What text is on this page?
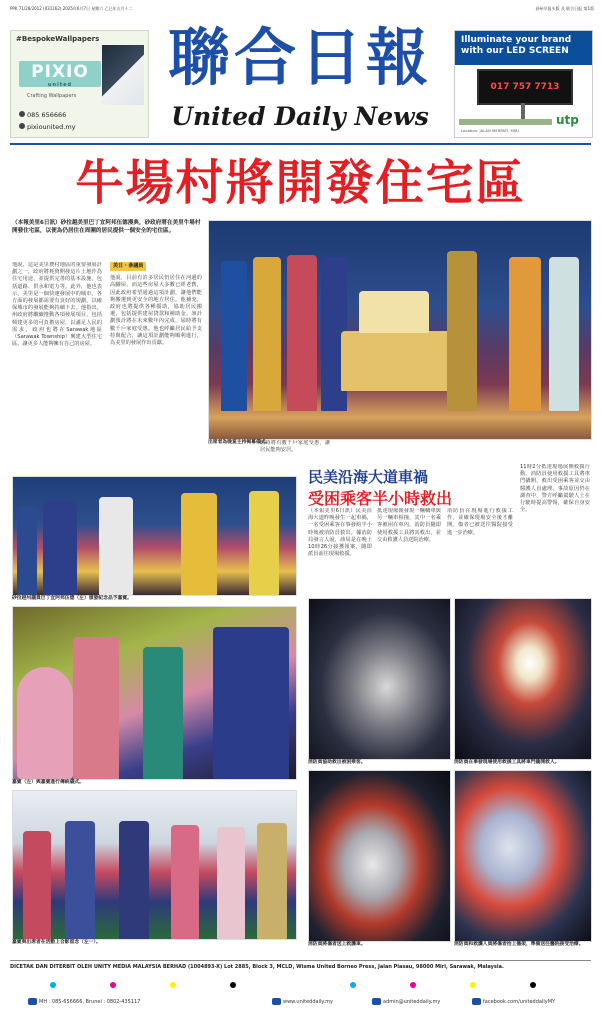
PPK 71/28/2012 (031162) 2025年6月7日 星期六 乙巳年五月十二	砂州早报头版 及 联合日报 第1版
#BespokeWallpapers
PIXIO
united
Crafting Wallpapers
085 656666
pixiounited.my
聯合日報
United Daily News
Illuminate your brand with our LED SCREEN
017 757 7713
utp
Location: JALAN MERPATI, MIRI
牛場村將開發住宅區
（本報美里6日訊）砂拉越美里巴丁宜阿邦伍德漫典，砂政府將在美里牛場村開發住宅區，以便為仍居住在周圍的居民提供一個安全的宅住區。
他說，這是美里農村地區的重要發展計劃之一，政府將耗資開發這片土地作為住宅用途，並提供完善的基本設施，包括道路、供水和電力等。此外，他也表示，美里是一個快速發展中的城市，各方面的發展都需要有良好的規劃，以確保城市的發展能夠持續下去。他指出，州政府將繼續推動各項發展項目，包括興建更多的可負擔房屋，以滿足人民的需求。政府也將在Sarawak地區（Sarawak Township）興建大型住宅區，讓更多人能夠擁有自己的房屋。
美日 · 參議員
他說，目前有許多居民仍居住在河邊的高腳屋，而這些房屋大多數已經老舊，因此政府希望通過這項計劃，讓他們能夠搬遷到更安全的地方居住。他補充，政府也將提供各種援助，協助居民搬遷，包括提供建屋貸款和補助金。該計劃預計將在未來數年內完成，屆時將有數千戶家庭受惠。他也呼籲居民給予支持與配合，讓這項計劃能夠順利進行，為美里的發展作出貢獻。
出席者為晚宴主持揭幕儀式。
屆時將有數千戶家庭受惠，讓居民能夠安居。
砂拉越州議員巴丁宜阿邦伍德（左）頒發紀念品予嘉賓。
嘉賓（左）與嘉賓進行傳統儀式。
嘉賓與出席者在活動上合影留念（左一）。
民美沿海大道車禍
受困乘客半小時救出
（本報美里6日訊）民美沿海大道昨晚發生一起車禍，一名受困乘客在事發約半小時後被消防員救出。據消防局發言人說，該局是在晚上10時26分接獲報案，隨即派員前往現場救援。
抵達現場後發現一輛轎車與另一輛車相撞，其中一名乘客被困在車內，消防員隨即使用救援工具將其救出，並交由救護人員送院治療。
消防員在現場進行救援工作，並確保現場安全後才離開。傷者已被送往醫院接受進一步治療。
11時2分抵達現場展開救援行動。消防員使用救援工具將車門撬開，救出受困乘客並交由醫護人員處理。事故原因仍在調查中，警方呼籲駕駛人士在行駛時提高警惕，確保自身安全。
消防員協助救出被困乘客。	消防員在事發現場使用救援工具將車門撬開救人。
消防員將傷者送上救護車。	消防員和救護人員將傷者抬上擔架，準備送往醫院接受治療。
DICETAK DAN DITERBIT OLEH UNITY MEDIA MALAYSIA BERHAD (1004893-X) Lot 2885, Block 3, MCLD, Wisma United Borneo Press, Jalan Piasau, 98000 Miri, Sarawak, Malaysia.
MH : 085-656666, Brunei : 0802-435117	www.uniteddaily.my	admin@uniteddaily.my	facebook.com/uniteddailyMY
